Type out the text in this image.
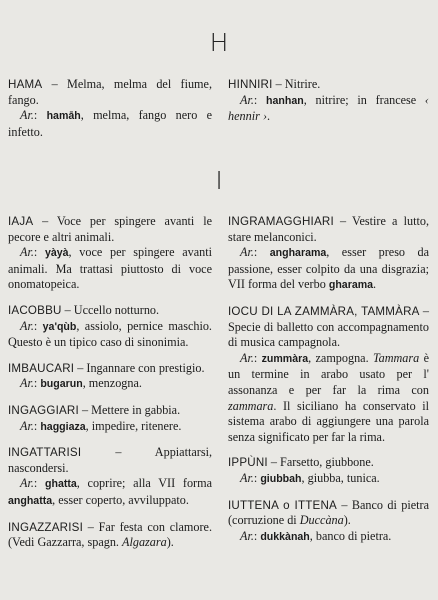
H

HAMA – Melma, melma del fiume, fango.

Ar.: hamāh, melma, fango nero e infetto.

HINNIRI – Nitrire.

Ar.: hanhan, nitrire; in francese ‹ hennir ›.

I

IAJA – Voce per spingere avanti le pecore e altri animali.

Ar.: yàyà, voce per spingere avanti animali. Ma trattasi piuttosto di voce onomatopeica.

IACOBBU – Uccello notturno.

Ar.: ya'qùb, assiolo, pernice maschio. Questo è un tipico caso di sinonimia.

IMBAUCARI – Ingannare con prestigio.

Ar.: bugarun, menzogna.

INGAGGIARI – Mettere in gabbia.

Ar.: haggiaza, impedire, ritenere.

INGATTARISI – Appiattarsi, nascondersi.

Ar.: ghatta, coprire; alla VII forma anghatta, esser coperto, avviluppato.

INGAZZARISI – Far festa con clamore. (Vedi Gazzarra, spagn. Algazara).

INGRAMAGGHIARI – Vestire a lutto, stare melanconici.

Ar.: angharama, esser preso da passione, esser colpito da una disgrazia; VII forma del verbo gharama.

IOCU DI LA ZAMMÀRA, TAMMÀRA – Specie di balletto con accompagnamento di musica campagnola.

Ar.: zummàra, zampogna. Tammara è un termine in arabo usato per l' assonanza e per far la rima con zammara. Il siciliano ha conservato il sistema arabo di aggiungere una parola senza significato per far la rima.

IPPÙNI – Farsetto, giubbone.

Ar.: giubbah, giubba, tunica.

IUTTENA o ITTENA – Banco di pietra (corruzione di Duccàna).

Ar.: dukkànah, banco di pietra.
